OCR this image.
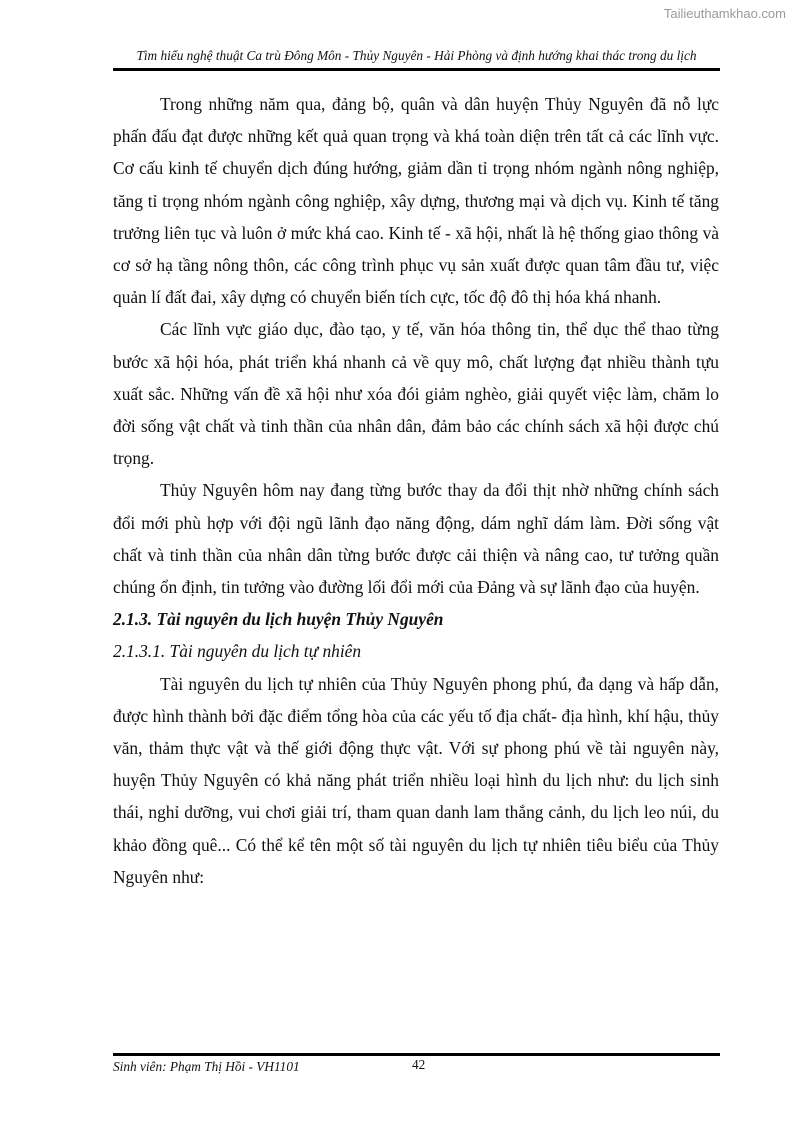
Tailieuthamkhao.com
Tìm hiểu nghệ thuật Ca trù Đông Môn - Thủy Nguyên - Hải Phòng và định hướng khai thác trong du lịch

Trong những năm qua, đảng bộ, quân và dân huyện Thủy Nguyên đã nỗ lực phấn đấu đạt được những kết quả quan trọng và khá toàn diện trên tất cả các lĩnh vực. Cơ cấu kinh tế chuyển dịch đúng hướng, giảm dần tỉ trọng nhóm ngành nông nghiệp, tăng tỉ trọng nhóm ngành công nghiệp, xây dựng, thương mại và dịch vụ. Kinh tế tăng trưởng liên tục và luôn ở mức khá cao. Kinh tế - xã hội, nhất là hệ thống giao thông và cơ sở hạ tầng nông thôn, các công trình phục vụ sản xuất được quan tâm đầu tư, việc quản lí đất đai, xây dựng có chuyển biến tích cực, tốc độ đô thị hóa khá nhanh.

Các lĩnh vực giáo dục, đào tạo, y tế, văn hóa thông tin, thể dục thể thao từng bước xã hội hóa, phát triển khá nhanh cả về quy mô, chất lượng đạt nhiều thành tựu xuất sắc. Những vấn đề xã hội như xóa đói giảm nghèo, giải quyết việc làm, chăm lo đời sống vật chất và tinh thần của nhân dân, đảm bảo các chính sách xã hội được chú trọng.

Thủy Nguyên hôm nay đang từng bước thay da đổi thịt nhờ những chính sách đổi mới phù hợp với đội ngũ lãnh đạo năng động, dám nghĩ dám làm. Đời sống vật chất và tinh thần của nhân dân từng bước được cải thiện và nâng cao, tư tưởng quần chúng ổn định, tin tưởng vào đường lối đổi mới của Đảng và sự lãnh đạo của huyện.

2.1.3. Tài nguyên du lịch huyện Thủy Nguyên

2.1.3.1. Tài nguyên du lịch tự nhiên

Tài nguyên du lịch tự nhiên của Thủy Nguyên phong phú, đa dạng và hấp dẫn, được hình thành bởi đặc điểm tổng hòa của các yếu tố địa chất- địa hình, khí hậu, thủy văn, thảm thực vật và thế giới động thực vật. Với sự phong phú về tài nguyên này, huyện Thủy Nguyên có khả năng phát triển nhiều loại hình du lịch như: du lịch sinh thái, nghỉ dưỡng, vui chơi giải trí, tham quan danh lam thắng cảnh, du lịch leo núi, du khảo đồng quê... Có thể kể tên một số tài nguyên du lịch tự nhiên tiêu biểu của Thủy Nguyên như:

Sinh viên: Phạm Thị Hồi - VH1101	42
